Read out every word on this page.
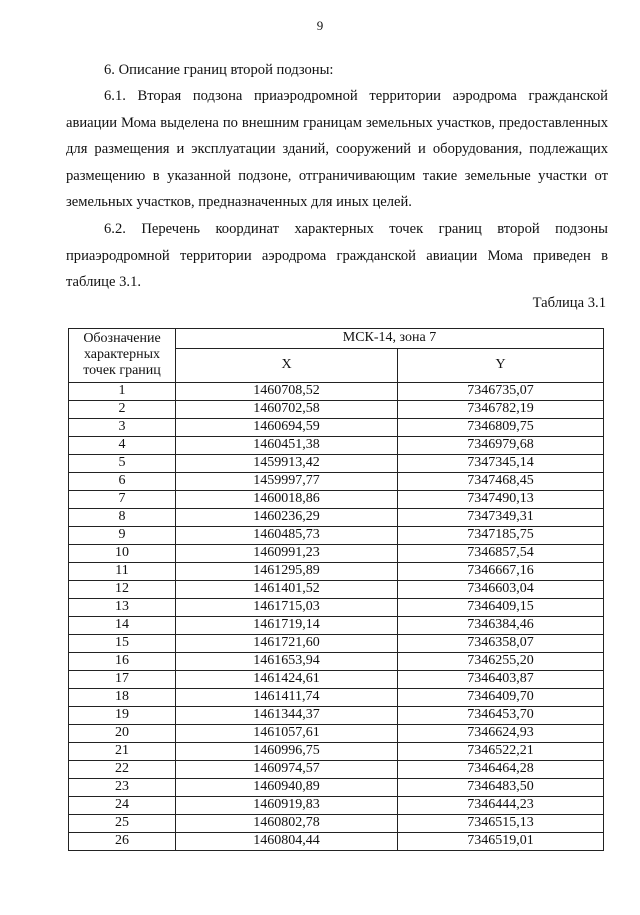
9

6. Описание границ второй подзоны:

6.1. Вторая подзона приаэродромной территории аэродрома гражданской авиации Мома выделена по внешним границам земельных участков, предоставленных для размещения и эксплуатации зданий, сооружений и оборудования, подлежащих размещению в указанной подзоне, отграничивающим такие земельные участки от земельных участков, предназначенных для иных целей.

6.2. Перечень координат характерных точек границ второй подзоны приаэродромной территории аэродрома гражданской авиации Мома приведен в таблице 3.1.

Таблица 3.1
Обозначение характерных точек границ	МСК-14, зона 7	
	X	Y
1	1460708,52	7346735,07
2	1460702,58	7346782,19
3	1460694,59	7346809,75
4	1460451,38	7346979,68
5	1459913,42	7347345,14
6	1459997,77	7347468,45
7	1460018,86	7347490,13
8	1460236,29	7347349,31
9	1460485,73	7347185,75
10	1460991,23	7346857,54
11	1461295,89	7346667,16
12	1461401,52	7346603,04
13	1461715,03	7346409,15
14	1461719,14	7346384,46
15	1461721,60	7346358,07
16	1461653,94	7346255,20
17	1461424,61	7346403,87
18	1461411,74	7346409,70
19	1461344,37	7346453,70
20	1461057,61	7346624,93
21	1460996,75	7346522,21
22	1460974,57	7346464,28
23	1460940,89	7346483,50
24	1460919,83	7346444,23
25	1460802,78	7346515,13
26	1460804,44	7346519,01
